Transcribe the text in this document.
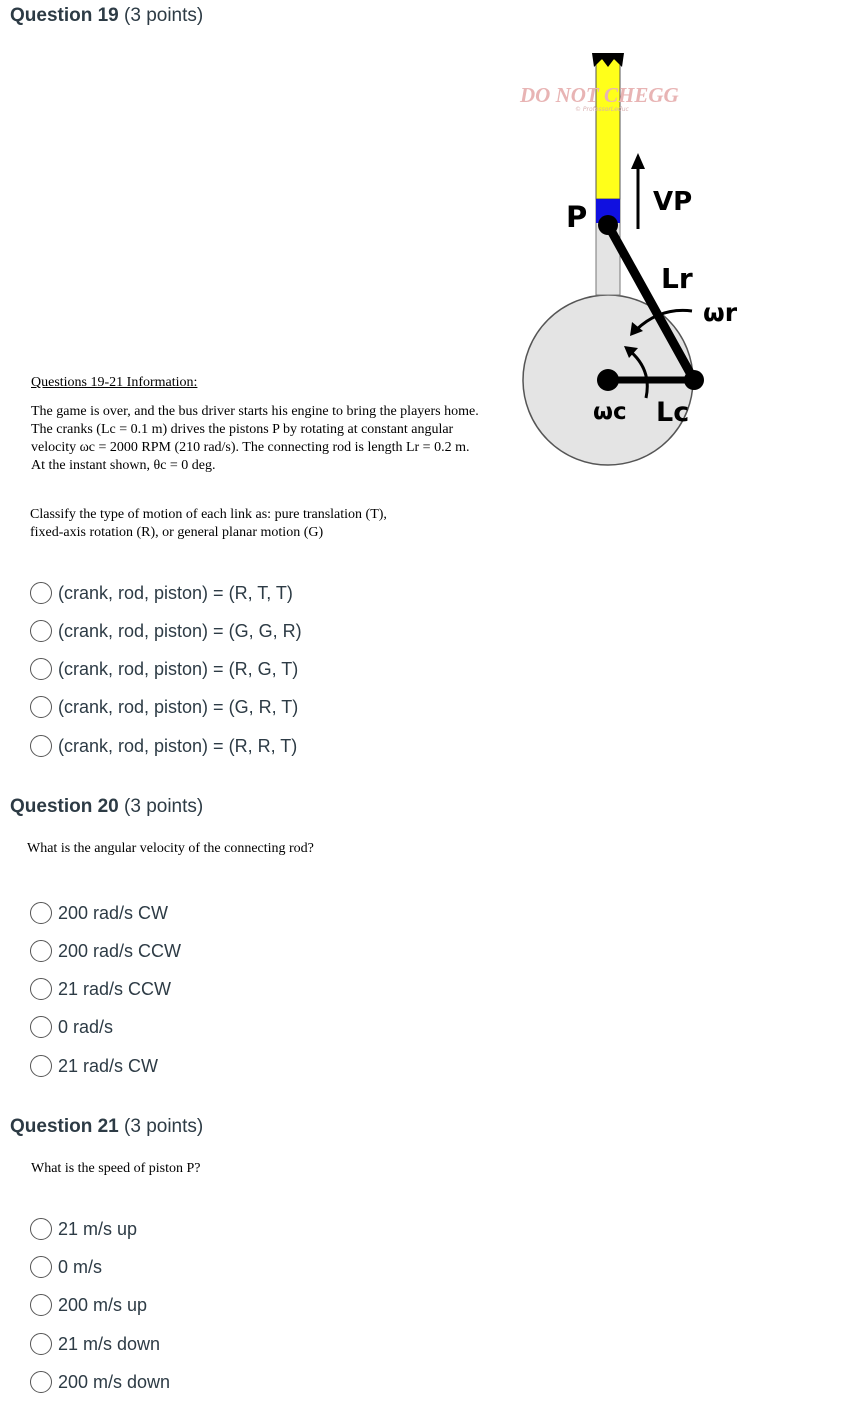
Question 19 (3 points)
DO NOT CHEGG
© ProfessorLeduc
P	VP
Lr
ωr
ωc Lc
Questions 19-21 Information:
The game is over, and the bus driver starts his engine to bring the players home.
The cranks (Lc = 0.1 m) drives the pistons P by rotating at constant angular
velocity ωc = 2000 RPM (210 rad/s). The connecting rod is length Lr = 0.2 m.
At the instant shown, θc = 0 deg.
Classify the type of motion of each link as: pure translation (T),
fixed-axis rotation (R), or general planar motion (G)
(crank, rod, piston) = (R, T, T)
(crank, rod, piston) = (G, G, R)
(crank, rod, piston) = (R, G, T)
(crank, rod, piston) = (G, R, T)
(crank, rod, piston) = (R, R, T)
Question 20 (3 points)
What is the angular velocity of the connecting rod?
200 rad/s CW
200 rad/s CCW
21 rad/s CCW
0 rad/s
21 rad/s CW
Question 21 (3 points)
What is the speed of piston P?
21 m/s up
0 m/s
200 m/s up
21 m/s down
200 m/s down
